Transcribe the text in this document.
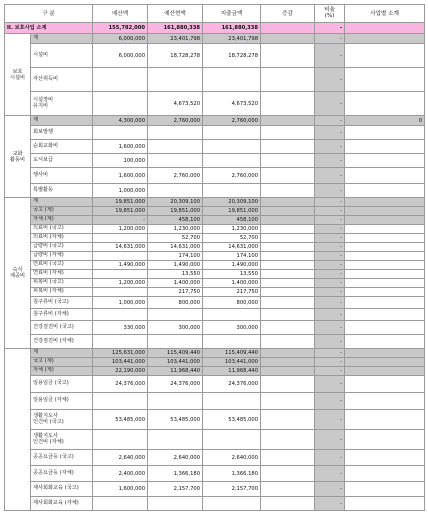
구 분		예산액	예산현액	지출금액	증감	비율
(%)	사업별 소계
II. 보호사업 소계		155,782,000	161,880,338	161,880,338		-	
보호
시설비	계	6,000,000	23,401,798	23,401,798		-	
	시설비	6,000,000	18,728,278	18,728,278		-	
	자산취득비					-	
	시설장비
유지비		4,673,520	4,673,520		-	
교화
활동비	계	4,300,000	2,760,000	2,760,000		-	0
	회보발행					-	
	순회교화비	1,600,000				-	
	도서보급	100,000				-	
	행사비	1,600,000	2,760,000	2,760,000		-	
	특별활동	1,000,000				-	
숙식
제공비	계	19,851,000	20,309,100	20,309,100		-	
	국고 (계)	19,851,000	19,851,000	19,851,000		-	
	자체 (계)	-	458,100	458,100		-	
	의료비 (국고)	1,200,000	1,230,000	1,230,000		-	
	의료비 (자체)		52,700	52,700		-	
	급량비 (국고)	14,631,000	14,631,000	14,631,000		-	
	급량비 (자체)		174,100	174,100		-	
	연료비 (국고)	1,490,000	1,490,000	1,490,000		-	
	연료비 (자체)		13,550	13,550		-	
	피복비 (국고)	1,200,000	1,400,000	1,400,000		-	
	피복비 (자체)		217,750	217,750		-	
	침구류비 (국고)	1,000,000	800,000	800,000		-	
	침구류비 (자체)					-	
	건강검진비 (국고)	330,000	300,000	300,000		-	
	건강검진비 (자체)					-	
	계	125,631,000	115,409,440	115,409,440		-	
	국고 (계)	103,441,000	103,441,000	103,441,000		-	
	자체 (계)	22,190,000	11,968,440	11,968,440		-	
	일용임금 (국고)	24,376,000	24,376,000	24,376,000		-	
	일용임금 (자체)					-	
	생활지도사
인건비 (국고)	53,485,000	53,485,000	53,485,000		-	
	생활지도사
인건비 (자체)					-	
	공공요금등 (국고)	2,640,000	2,640,000	2,640,000		-	
	공공요금등 (자체)	2,400,000	1,366,180	1,366,180		-	
	재사회화교육 (국고)	1,600,000	2,157,700	2,157,700		-	
	재사회화교육 (자체)					-	
